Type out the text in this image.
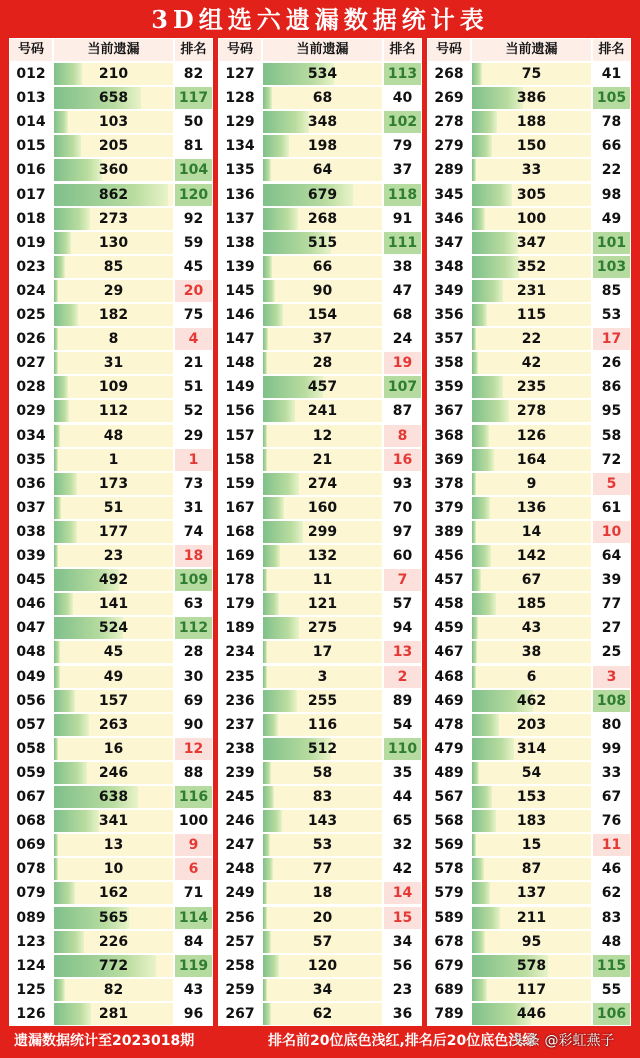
3D组选六遗漏数据统计表
号码	当前遗漏	排名
012	210	82
013	658	117
014	103	50
015	205	81
016	360	104
017	862	120
018	273	92
019	130	59
023	85	45
024	29	20
025	182	75
026	8	4
027	31	21
028	109	51
029	112	52
034	48	29
035	1	1
036	173	73
037	51	31
038	177	74
039	23	18
045	492	109
046	141	63
047	524	112
048	45	28
049	49	30
056	157	69
057	263	90
058	16	12
059	246	88
067	638	116
068	341	100
069	13	9
078	10	6
079	162	71
089	565	114
123	226	84
124	772	119
125	82	43
126	281	96
号码	当前遗漏	排名
127	534	113
128	68	40
129	348	102
134	198	79
135	64	37
136	679	118
137	268	91
138	515	111
139	66	38
145	90	47
146	154	68
147	37	24
148	28	19
149	457	107
156	241	87
157	12	8
158	21	16
159	274	93
167	160	70
168	299	97
169	132	60
178	11	7
179	121	57
189	275	94
234	17	13
235	3	2
236	255	89
237	116	54
238	512	110
239	58	35
245	83	44
246	143	65
247	53	32
248	77	42
249	18	14
256	20	15
257	57	34
258	120	56
259	34	23
267	62	36
号码	当前遗漏	排名
268	75	41
269	386	105
278	188	78
279	150	66
289	33	22
345	305	98
346	100	49
347	347	101
348	352	103
349	231	85
356	115	53
357	22	17
358	42	26
359	235	86
367	278	95
368	126	58
369	164	72
378	9	5
379	136	61
389	14	10
456	142	64
457	67	39
458	185	77
459	43	27
467	38	25
468	6	3
469	462	108
478	203	80
479	314	99
489	54	33
567	153	67
568	183	76
569	15	11
578	87	46
579	137	62
589	211	83
678	95	48
679	578	115
689	117	55
789	446	106
遗漏数据统计至2023018期	排名前20位底色浅红,排名后20位底色浅绿
头条 @彩虹燕子
